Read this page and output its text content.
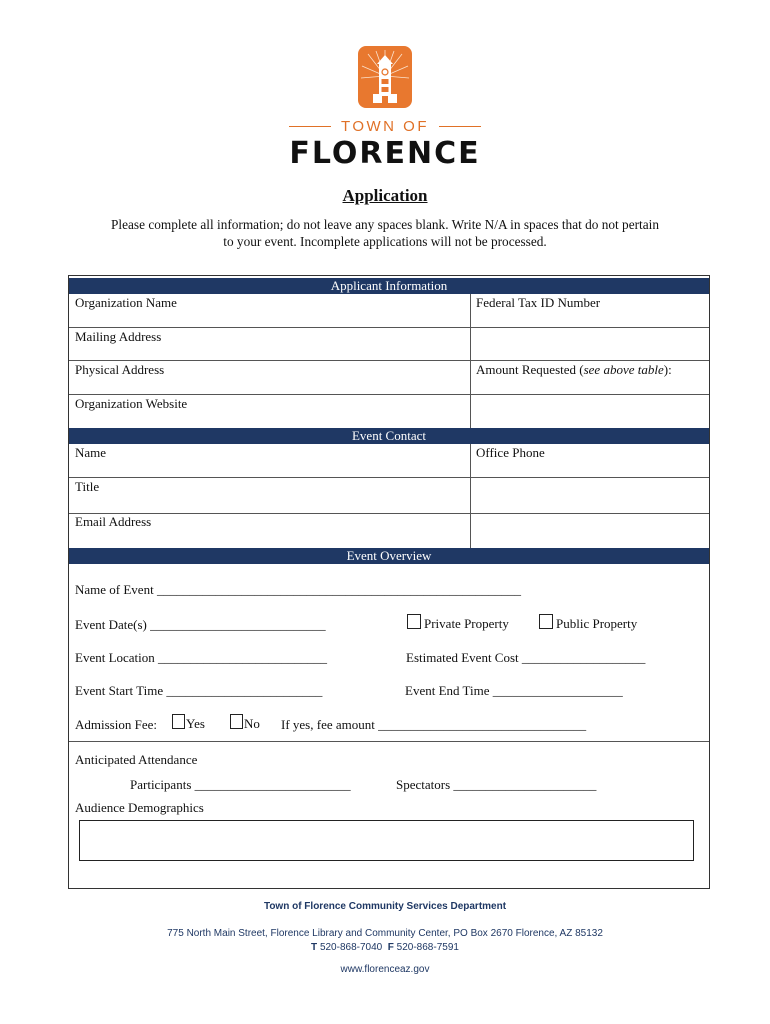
TOWN OF
FLORENCE
Application
Please complete all information; do not leave any spaces blank. Write N/A in spaces that do not pertain
to your event. Incomplete applications will not be processed.
Applicant Information
Organization Name	Federal Tax ID Number
Mailing Address
Physical Address	Amount Requested (see above table):
Organization Website
Event Contact
Name	Office Phone
Title
Email Address
Event Overview
Name of Event ________________________________________________________
Event Date(s) ___________________________	Private Property	Public Property
Event Location __________________________	Estimated Event Cost ___________________
Event Start Time ________________________	Event End Time ____________________
Admission Fee:	Yes	No If yes, fee amount ________________________________
Anticipated Attendance
Participants ________________________	Spectators ______________________
Audience Demographics
Town of Florence Community Services Department
775 North Main Street, Florence Library and Community Center, PO Box 2670 Florence, AZ 85132
T 520-868-7040 F 520-868-7591
www.florenceaz.gov
